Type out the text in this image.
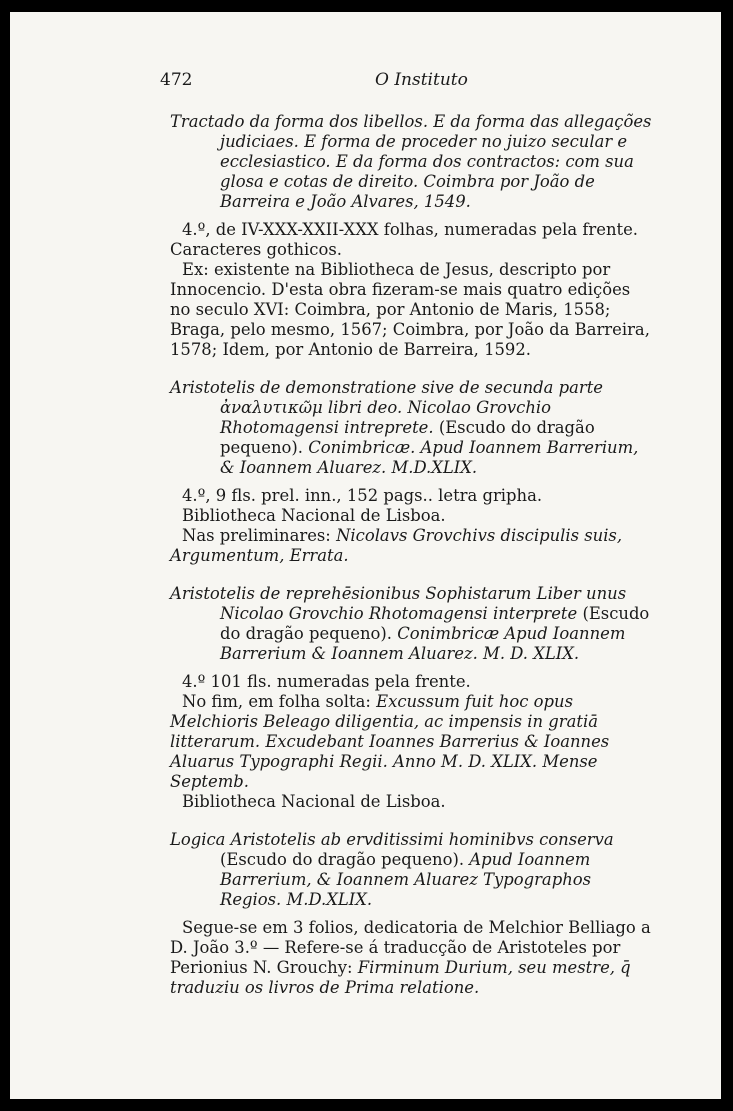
472	O Instituto

Tractado da forma dos libellos. E da forma das allegações judiciaes. E forma de proceder no juizo secular e ecclesiastico. E da forma dos contractos: com sua glosa e cotas de direito. Coimbra por João de Barreira e João Alvares, 1549.

4.º, de IV-XXX-XXII-XXX folhas, numeradas pela frente. Caracteres gothicos.

Ex: existente na Bibliotheca de Jesus, descripto por Innocencio. D'esta obra fizeram-se mais quatro edições no seculo XVI: Coimbra, por Antonio de Maris, 1558; Braga, pelo mesmo, 1567; Coimbra, por João da Barreira, 1578; Idem, por Antonio de Barreira, 1592.

Aristotelis de demonstratione sive de secunda parte ἀναλυτικῶμ libri deo. Nicolao Grovchio Rhotomagensi intreprete. (Escudo do dragão pequeno). Conimbricæ. Apud Ioannem Barrerium, & Ioannem Aluarez. M.D.XLIX.

4.º, 9 fls. prel. inn., 152 pags.. letra gripha.

Bibliotheca Nacional de Lisboa.

Nas preliminares: Nicolavs Grovchivs discipulis suis, Argumentum, Errata.

Aristotelis de reprehēsionibus Sophistarum Liber unus Nicolao Grovchio Rhotomagensi interprete (Escudo do dragão pequeno). Conimbricæ Apud Ioannem Barrerium & Ioannem Aluarez. M. D. XLIX.

4.º 101 fls. numeradas pela frente.

No fim, em folha solta: Excussum fuit hoc opus Melchioris Beleago diligentia, ac impensis in gratiā litterarum. Excudebant Ioannes Barrerius & Ioannes Aluarus Typographi Regii. Anno M. D. XLIX. Mense Septemb.

Bibliotheca Nacional de Lisboa.

Logica Aristotelis ab ervditissimi hominibvs conserva (Escudo do dragão pequeno). Apud Ioannem Barrerium, & Ioannem Aluarez Typographos Regios. M.D.XLIX.

Segue-se em 3 folios, dedicatoria de Melchior Belliago a D. João 3.º — Refere-se á traducção de Aristoteles por Perionius N. Grouchy: Firminum Durium, seu mestre, q̄ traduziu os livros de Prima relatione.
